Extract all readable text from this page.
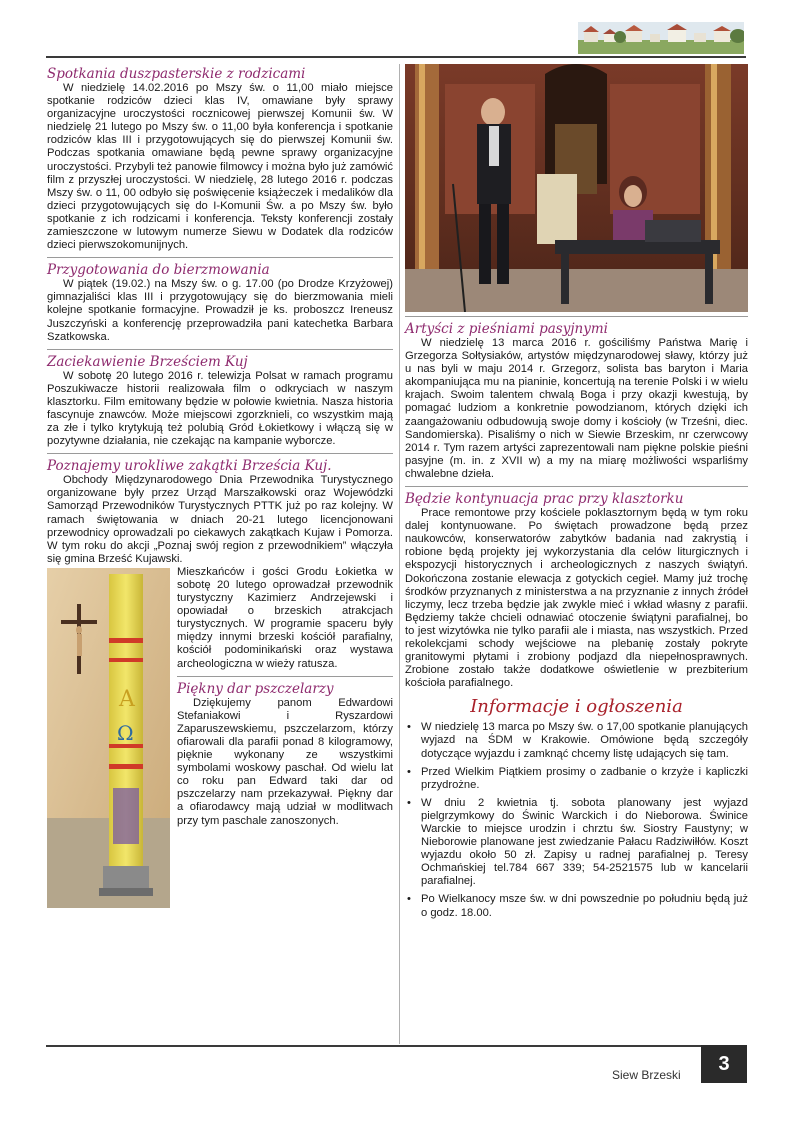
Spotkania duszpasterskie z rodzicami

W niedzielę 14.02.2016 po Mszy św. o 11,00 miało miejsce spotkanie rodziców dzieci klas IV, omawiane były sprawy organizacyjne uroczystości rocznicowej pierwszej Komunii św. W niedzielę 21 lutego po Mszy św. o 11,00 była konferencja i spotkanie rodziców klas III i przygotowujących się do pierwszej Komunii św. Podczas spotkania omawiane będą pewne sprawy organizacyjne uroczystości. Przybyli też panowie filmowcy i można było już zamówić film z przyszłej uroczystości. W niedzielę, 28 lutego 2016 r. podczas Mszy św. o 11, 00 odbyło się poświęcenie książeczek i medalików dla dzieci przygotowujących się do I-Komunii Św. a po Mszy św. było spotkanie z ich rodzicami i konferencja. Teksty konferencji zostały zamieszczone w lutowym numerze Siewu w Dodatek dla rodziców dzieci pierwszokomunijnych.

Przygotowania do bierzmowania

W piątek (19.02.) na Mszy św. o g. 17.00 (po Drodze Krzyżowej) gimnazjaliści klas III i przygotowujący się do bierzmowania mieli kolejne spotkanie formacyjne. Prowadził je ks. proboszcz Ireneusz Juszczyński a konferencję przeprowadziła pani katechetka Barbara Szatkowska.

Zaciekawienie Brześciem Kuj

W sobotę 20 lutego 2016 r. telewizja Polsat w ramach programu Poszukiwacze historii realizowała film o odkryciach w naszym klasztorku. Film emitowany będzie w połowie kwietnia. Nasza historia fascynuje znawców. Może miejscowi zgorzknieli, co wszystkim mają za złe i tylko krytykują też polubią Gród Łokietkowy i włączą się w pozytywne działania, nie czekając na kampanie wyborcze.

Poznajemy urokliwe zakątki Brześcia Kuj.

Obchody Międzynarodowego Dnia Przewodnika Turystycznego organizowane były przez Urząd Marszałkowski oraz Wojewódzki Samorząd Przewodników Turystycznych PTTK już po raz kolejny. W ramach świętowania w dniach 20-21 lutego licencjonowani przewodnicy oprowadzali po ciekawych zakątkach Kujaw i Pomorza. W tym roku do akcji „Poznaj swój region z przewodnikiem” włączyła się gmina Brześć Kujawski.

A
Ω

Mieszkańców i gości Grodu Łokietka w sobotę 20 lutego oprowadzał przewodnik turystyczny Kazimierz Andrzejewski i opowiadał o brzeskich atrakcjach turystycznych. W programie spaceru były między innymi brzeski kościół parafialny, kościół podominikański oraz wystawa archeologiczna w wieży ratusza.

Piękny dar pszczelarzy

Dziękujemy panom Edwardowi Stefaniakowi i Ryszardowi Zaparuszewskiemu, pszczelarzom, którzy ofiarowali dla parafii ponad 8 kilogramowy, pięknie wykonany ze wszystkimi symbolami woskowy paschał. Od wielu lat co roku pan Edward taki dar od pszczelarzy nam przekazywał. Piękny dar a ofiarodawcy mają udział w modlitwach przy tym paschale zanoszonych.

Artyści z pieśniami pasyjnymi

W niedzielę 13 marca 2016 r. gościliśmy Państwa Marię i Grzegorza Sołtysiaków, artystów międzynarodowej sławy, którzy już u nas byli w maju 2014 r. Grzegorz, solista bas baryton i Maria akompaniująca mu na pianinie, koncertują na terenie Polski i w wielu krajach. Swoim talentem chwalą Boga i przy okazji kwestują, by pomagać ludziom a konkretnie powodzianom, których dzięki ich zaangażowaniu odbudowują swoje domy i kościoły (w Trześni, diec. Sandomierska). Pisaliśmy o nich w Siewie Brzeskim, nr czerwcowy 2014 r. Tym razem artyści zaprezentowali nam piękne polskie pieśni pasyjne (m. in. z XVII w) a my na miarę możliwości wsparliśmy chwalebne dzieła.

Będzie kontynuacja prac przy klasztorku

Prace remontowe przy kościele poklasztornym będą w tym roku dalej kontynuowane. Po świętach prowadzone będą przez naukowców, konserwatorów zabytków badania nad zakrystią i robione będą projekty jej wykorzystania dla celów liturgicznych i ekspozycji historycznych i archeologicznych z naszych świątyń. Dokończona zostanie elewacja z gotyckich cegieł. Mamy już trochę środków przyznanych z ministerstwa a na przyznanie z innych źródeł liczymy, lecz trzeba będzie jak zwykle mieć i wkład własny z parafii. Będziemy także chcieli odnawiać otoczenie świątyni parafialnej, bo to jest wizytówka nie tylko parafii ale i miasta, nas wszystkich. Przed rekolekcjami schody wejściowe na plebanię zostały pokryte granitowymi płytami i zrobiony podjazd dla niepełnosprawnych. Zrobione zostało także dodatkowe oświetlenie w prezbiterium kościoła parafialnego.

Informacje i ogłoszenia
• W niedzielę 13 marca po Mszy św. o 17,00 spotkanie planujących wyjazd na ŚDM w Krakowie. Omówione będą szczegóły dotyczące wyjazdu i zamknąć chcemy listę udających się tam.
• Przed Wielkim Piątkiem prosimy o zadbanie o krzyże i kapliczki przydrożne.
• W dniu 2 kwietnia tj. sobota planowany jest wyjazd pielgrzymkowy do Świnic Warckich i do Nieborowa. Świnice Warckie to miejsce urodzin i chrztu św. Siostry Faustyny; w Nieborowie planowane jest zwiedzanie Pałacu Radziwiłłów. Koszt wyjazdu około 50 zł. Zapisy u radnej parafialnej p. Teresy Ochmańskiej tel.784 667 339; 54-2521575 lub w kancelarii parafialnej.
• Po Wielkanocy msze św. w dni powszednie po południu będą już o godz. 18.00.
Siew Brzeski	3
